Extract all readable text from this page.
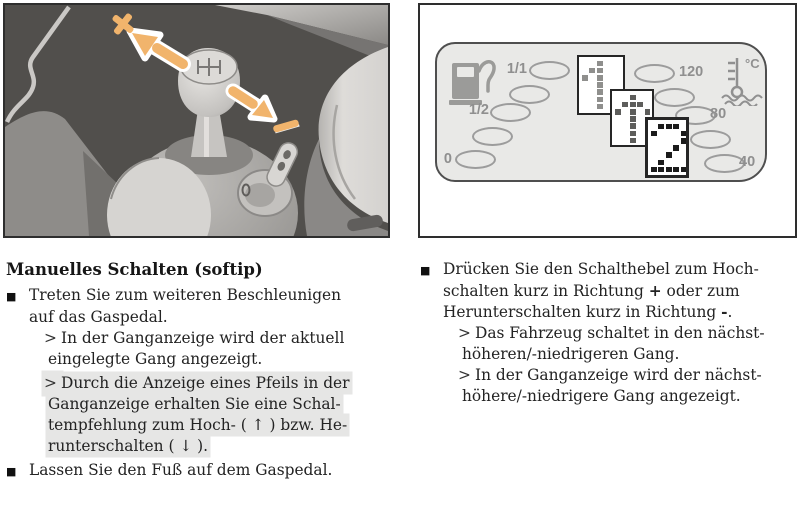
1/1
1/2
0
120
80
40
°C
Manuelles Schalten (softip)
■ Treten Sie zum weiteren Beschleunigen
auf das Gaspedal.
> In der Ganganzeige wird der aktuell
eingelegte Gang angezeigt.
> Durch die Anzeige eines Pfeils in der
Ganganzeige erhalten Sie eine Schal-
tempfehlung zum Hoch- ( ↑ ) bzw. He-
runterschalten ( ↓ ).
■ Lassen Sie den Fuß auf dem Gaspedal.
■ Drücken Sie den Schalthebel zum Hoch-
schalten kurz in Richtung + oder zum
Herunterschalten kurz in Richtung -.
> Das Fahrzeug schaltet in den nächst-
höheren/-niedrigeren Gang.
> In der Ganganzeige wird der nächst-
höhere/-niedrigere Gang angezeigt.
